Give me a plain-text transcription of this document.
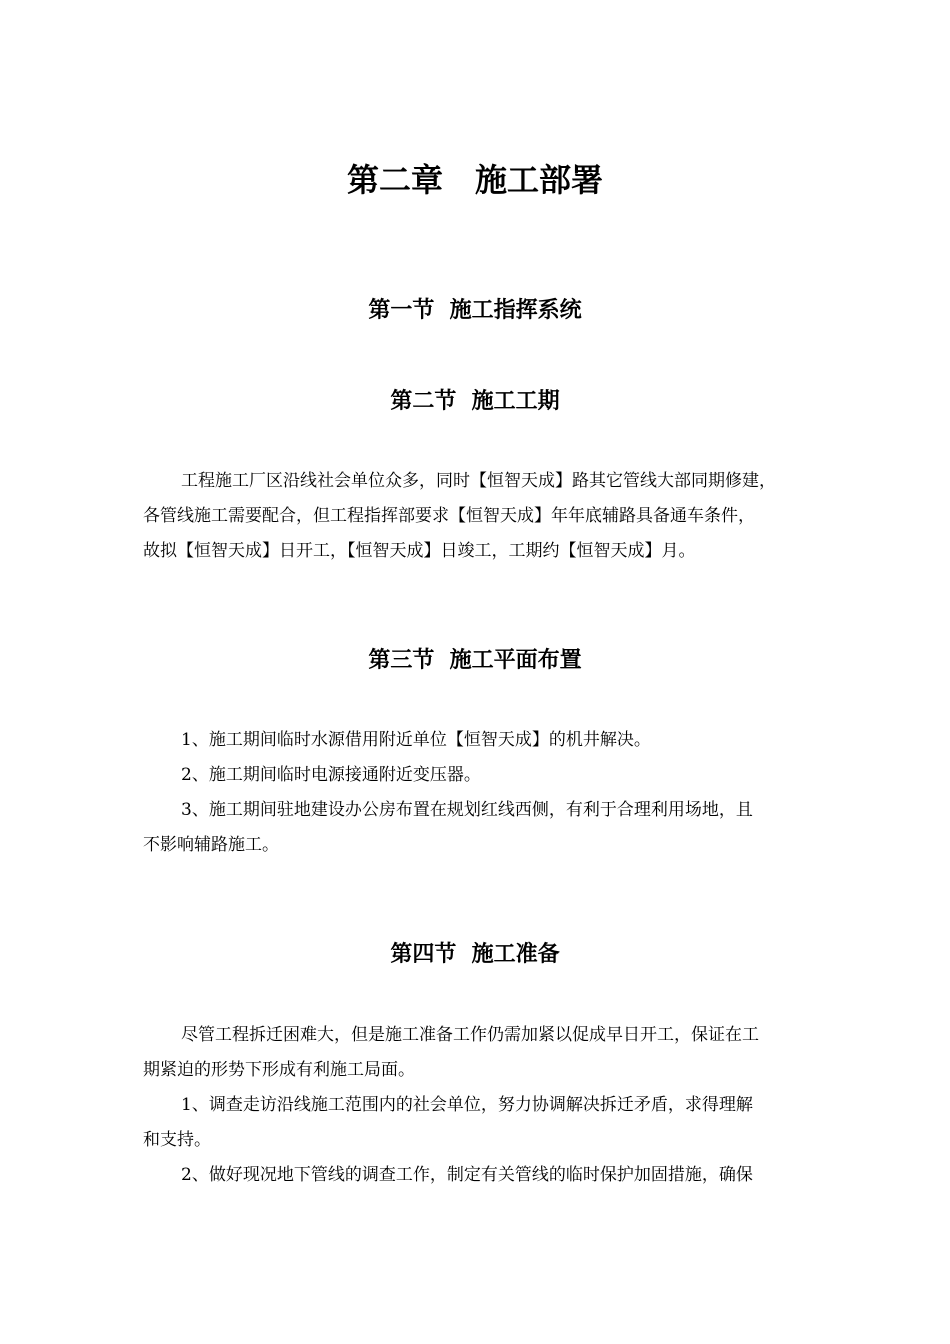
第二章　施工部署
第一节  施工指挥系统
第二节  施工工期
工程施工厂区沿线社会单位众多，同时【恒智天成】路其它管线大部同期修建，
各管线施工需要配合，但工程指挥部要求【恒智天成】年年底辅路具备通车条件，
故拟【恒智天成】日开工，【恒智天成】日竣工，工期约【恒智天成】月。
第三节  施工平面布置
1、施工期间临时水源借用附近单位【恒智天成】的机井解决。
2、施工期间临时电源接通附近变压器。
3、施工期间驻地建设办公房布置在规划红线西侧，有利于合理利用场地，且
不影响辅路施工。
第四节  施工准备
尽管工程拆迁困难大，但是施工准备工作仍需加紧以促成早日开工，保证在工
期紧迫的形势下形成有利施工局面。
1、调查走访沿线施工范围内的社会单位，努力协调解决拆迁矛盾，求得理解
和支持。
2、做好现况地下管线的调查工作，制定有关管线的临时保护加固措施，确保
